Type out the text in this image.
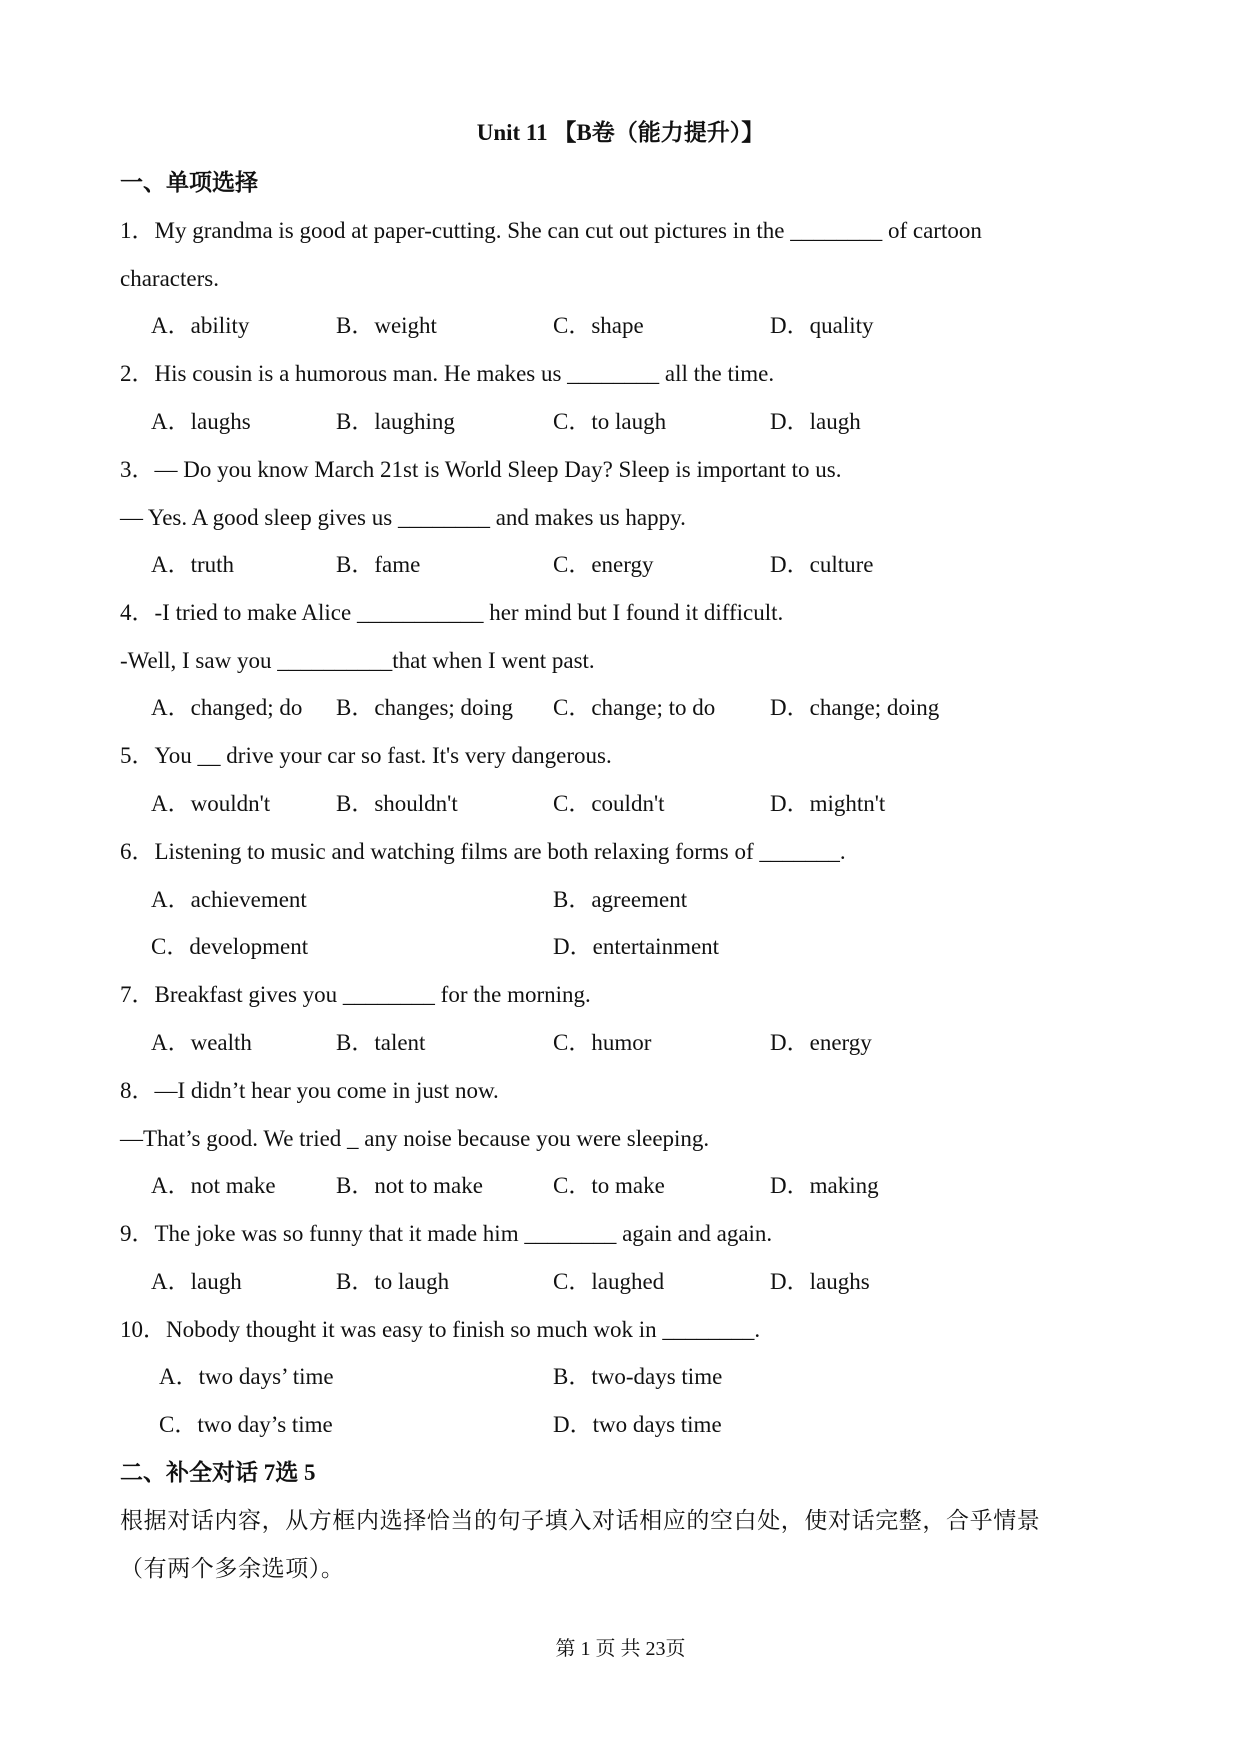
Unit 11 【B卷（能力提升）】
一、单项选择
1．My grandma is good at paper-cutting. She can cut out pictures in the ________ of cartoon
characters.
A．ability	B．weight	C．shape	D．quality
2．His cousin is a humorous man. He makes us ________ all the time.
A．laughs	B．laughing	C．to laugh	D．laugh
3．— Do you know March 21st is World Sleep Day? Sleep is important to us.
— Yes. A good sleep gives us ________ and makes us happy.
A．truth	B．fame	C．energy	D．culture
4．-I tried to make Alice ___________ her mind but I found it difficult.
-Well, I saw you __________that when I went past.
A．changed; do B．changes; doing C．change; to do D．change; doing
5．You __ drive your car so fast. It's very dangerous.
A．wouldn't	B．shouldn't	C．couldn't	D．mightn't
6．Listening to music and watching films are both relaxing forms of _______.
A．achievement	B．agreement
C．development	D．entertainment
7．Breakfast gives you ________ for the morning.
A．wealth	B．talent	C．humor	D．energy
8．—I didn’t hear you come in just now.
—That’s good. We tried _ any noise because you were sleeping.
A．not make	B．not to make	C．to make	D．making
9．The joke was so funny that it made him ________ again and again.
A．laugh	B．to laugh	C．laughed	D．laughs
10．Nobody thought it was easy to finish so much wok in ________.
A．two days’ time	B．two-days time
C．two day’s time	D．two days time
二、补全对话 7选 5
根据对话内容，从方框内选择恰当的句子填入对话相应的空白处，使对话完整，合乎情景
（有两个多余选项）。
第 1 页 共 23页
